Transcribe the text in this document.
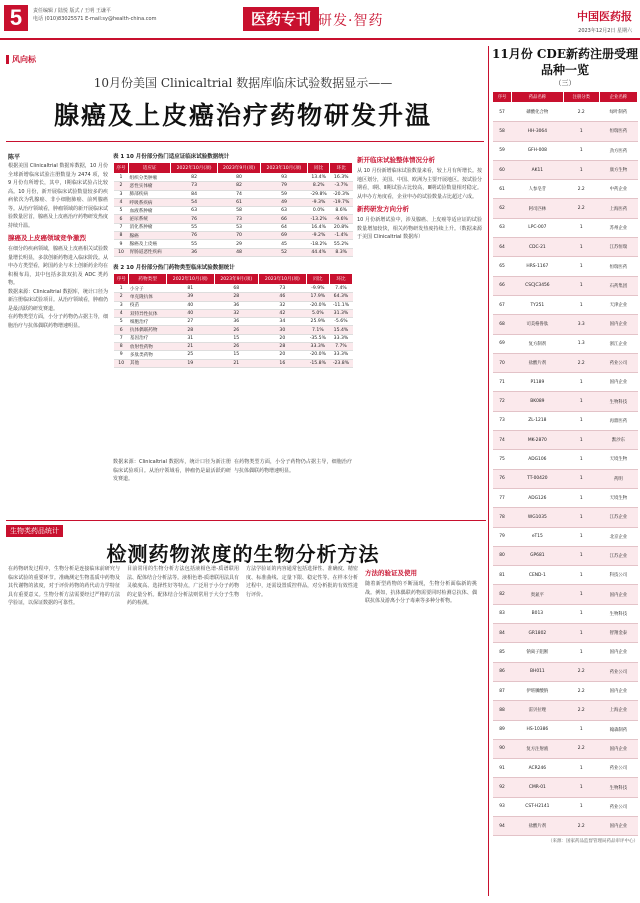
5	责任编辑 / 陆悦 版式 / 王明 王谦平
电话 (010)83025571 E-mail:sy@health-china.com	医药专刊 研发·智药	中国医药报
2023年12月2日 星期六
风向标
10月份美国 Clinicaltrial 数据库临床试验数据显示——
腺癌及上皮癌治疗药物研发升温
陈平

根据美国 Clinicaltrial 数据库数据，10 月份全球新增临床试验注册数量为 2474 项，较 9 月份有所增长，其中，Ⅰ期临床试验占比较高。10 月份，新开展临床试验数量较多的疾病依次为乳腺癌、非小细胞肺癌、前列腺癌等。从治疗领域看，肿瘤领域的新开展临床试验数量居首，腺癌及上皮癌治疗药物研发热度持续升温。

腺癌及上皮癌领域竞争激烈

在细分的疾病领域，腺癌及上皮癌相关试验数量增长明显，多款创新药物进入临床阶段。从申办方类型看，跨国药企与本土创新药企均在积极布局，其中包括多款双抗及 ADC 类药物。

数据来源：Clinicaltrial 数据库，统计口径为新注册临床试验项目。从治疗领域看，肿瘤仍是最活跃的研发赛道。

在药物类型方面，小分子药物仍占据主导，细胞治疗与抗体偶联药物增速明显。

表 1 10 月份部分热门适应证临床试验数据统计
序号	适应证	2022年10月(项)	2023年9月(项)	2023年10月(项)	同比	环比
1	组织分类肿瘤	82	80	93	13.4%	16.3%
2	恶性实体瘤	73	82	79	8.2%	-3.7%
3	肺部疾病	84	74	59	-29.8%	-20.3%
4	呼吸系疾病	54	61	49	-9.3%	-19.7%
5	血液系肿瘤	63	58	63	0.0%	8.6%
6	泌尿系统	76	73	66	-13.2%	-9.6%
7	消化系肿瘤	55	53	64	16.4%	20.8%
8	腺癌	76	70	69	-9.2%	-1.4%
9	腺癌及上皮癌	55	29	45	-18.2%	55.2%
10	胃肠道恶性疾病	36	48	52	44.4%	8.3%
表 2 10 月份部分热门药物类型临床试验数据统计
序号	药物类型	2022年10月(项)	2023年9月(项)	2023年10月(项)	同比	环比
1	小分子	81	68	73	-9.9%	7.4%
2	单克隆抗体	39	28	46	17.9%	64.3%
3	疫苗	40	36	32	-20.0%	-11.1%
4	双特异性抗体	40	32	42	5.0%	31.3%
5	细胞治疗	27	36	34	25.9%	-5.6%
6	抗体偶联药物	28	26	30	7.1%	15.4%
7	基因治疗	31	15	20	-35.5%	33.3%
8	放射性药物	21	26	28	33.3%	7.7%
9	多肽类药物	25	15	20	-20.0%	33.3%
10	其他	19	21	16	-15.8%	-23.8%

数据来源：Clinicaltrial 数据库，统计口径为新注册临床试验项目。从治疗领域看，肿瘤仍是最活跃的研发赛道。

在药物类型方面，小分子药物仍占据主导，细胞治疗与抗体偶联药物增速明显。

新开临床试验整体情况分析

从 10 月份新增临床试验数量来看，较上月有所增长。按地区划分，美国、中国、欧洲为主要开展地区。按试验分期看，Ⅰ期、Ⅱ期试验占比较高，Ⅲ期试验数量相对稳定。从申办方角度看，企业申办的试验数量占比超过六成。

新药研发方向分析

10 月份新增试验中，涉及腺癌、上皮癌等适应证的试验数量增加较快，相关药物研发热度持续上升。（数据来源于美国 Clinicaltrial 数据库）

生物类药品统计
检测药物浓度的生物分析方法

在药物研发过程中，生物分析是连接临床前研究与临床试验的重要环节。准确测定生物基质中药物及其代谢物的浓度，对于评价药物的药代动力学特征具有重要意义。生物分析方法需要经过严格的方法学验证，以保证数据的可靠性。

目前常用的生物分析方法包括液相色谱-质谱联用法、配体结合分析法等。液相色谱-质谱联用法具有灵敏度高、选择性好等特点，广泛用于小分子药物的定量分析。配体结合分析法则常用于大分子生物药的检测。

方法学验证的内容通常包括选择性、准确度、精密度、标准曲线、定量下限、稳定性等。在样本分析过程中，还需设置质控样品，对分析批的有效性进行评价。

方法的验证及使用

随着新型药物的不断涌现，生物分析面临新的挑战。例如，抗体偶联药物需要同时检测总抗体、偶联抗体及游离小分子毒素等多种分析物。

11月份 CDE新药注册受理品种一览
（三）
序号	药品名称	注册分类	企业名称
57	磷酸化合物	2.2	绿叶制药
58	HH-3064	1	恒瑞医药
59	GFH-008	1	劲方医药
60	AK11	1	康方生物
61	人参皂苷	2.2	中药企业
62	阿司匹林	2.2	上海医药
63	LPC-007	1	苏州企业
64	CDC-21	1	江苏恒瑞
65	HRS-1167	1	恒瑞医药
66	CSCJC3456	1	石药集团
67	TY251	1	天津企业
68	司美格鲁肽	3.3	国内企业
69	复方制剂	1.3	浙江企业
70	盐酸片剂	2.2	药业公司
71	P1189	1	国内企业
72	BK089	1	生物科技
73	ZL-1218	1	再鼎医药
74	MK-2870	1	默沙东
75	ADG106	1	天境生物
76	TT-00420	1	药明
77	ADG126	1	天境生物
78	WG1035	1	江苏企业
79	eT15	1	北京企业
80	GP681	1	江苏企业
81	CEND-1	1	科技公司
82	奥氮平	1	国内企业
83	B013	1	生物科技
84	GR1802	1	智翔金泰
85	钠离子阻断	1	国内企业
86	BH011	2.2	药业公司
87	伊班膦酸钠	2.2	国内企业
88	雷贝拉唑	2.2	上海企业
89	HS-10386	1	翰森制药
90	复方注射液	2.2	国内企业
91	ACR246	1	药业公司
92	CMR-01	1	生物科技
93	CST-H2141	1	药业公司
94	盐酸片剂	2.2	国内企业
（来源：国家药品监督管理局药品审评中心）
